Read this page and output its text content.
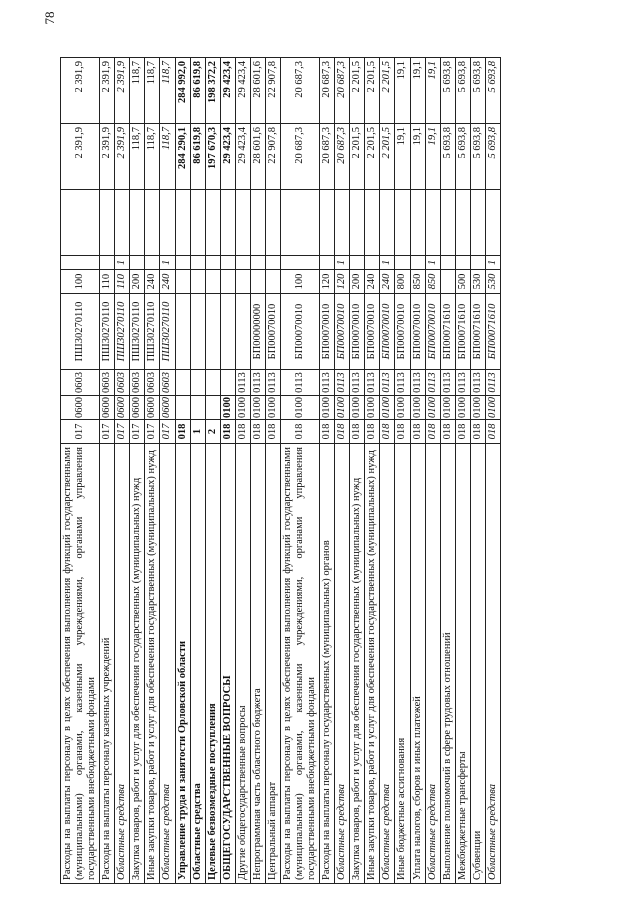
78
Расходы на выплаты персоналу в целях обеспечения выполнения функций государственными (муниципальными) органами, казенными учреждениями, органами управления государственными внебюджетными фондами	017	0600	0603	ПШ30270110	100			2 391,9	2 391,9
Расходы на выплаты персоналу казенных учреждений	017	0600	0603	ПШ30270110	110			2 391,9	2 391,9
Областные средства	017	0600	0603	ПШ30270110	110	1		2 391,9	2 391,9
Закупка товаров, работ и услуг для обеспечения государственных (муниципальных) нужд	017	0600	0603	ПШ30270110	200			118,7	118,7
Иные закупки товаров, работ и услуг для обеспечения государственных (муниципальных) нужд	017	0600	0603	ПШ30270110	240			118,7	118,7
Областные средства	017	0600	0603	ПШ30270110	240	1		118,7	118,7
Управление труда и занятости Орловской области	018							284 290,1	284 992,0
Областные средства	1							86 619,8	86 619,8
Целевые безвозмездные поступления	2							197 670,3	198 372,2
ОБЩЕГОСУДАРСТВЕННЫЕ ВОПРОСЫ	018	0100						29 423,4	29 423,4
Другие общегосударственные вопросы	018	0100	0113					29 423,4	29 423,4
Непрограммная часть областного бюджета	018	0100	0113	БП00000000				28 601,6	28 601,6
Центральный аппарат	018	0100	0113	БП00070010				22 907,8	22 907,8
Расходы на выплаты персоналу в целях обеспечения выполнения функций государственными (муниципальными) органами, казенными учреждениями, органами управления государственными внебюджетными фондами	018	0100	0113	БП00070010	100			20 687,3	20 687,3
Расходы на выплаты персоналу государственных (муниципальных) органов	018	0100	0113	БП00070010	120			20 687,3	20 687,3
Областные средства	018	0100	0113	БП00070010	120	1		20 687,3	20 687,3
Закупка товаров, работ и услуг для обеспечения государственных (муниципальных) нужд	018	0100	0113	БП00070010	200			2 201,5	2 201,5
Иные закупки товаров, работ и услуг для обеспечения государственных (муниципальных) нужд	018	0100	0113	БП00070010	240			2 201,5	2 201,5
Областные средства	018	0100	0113	БП00070010	240	1		2 201,5	2 201,5
Иные бюджетные ассигнования	018	0100	0113	БП00070010	800			19,1	19,1
Уплата налогов, сборов и иных платежей	018	0100	0113	БП00070010	850			19,1	19,1
Областные средства	018	0100	0113	БП00070010	850	1		19,1	19,1
Выполнение полномочий в сфере трудовых отношений	018	0100	0113	БП00071610				5 693,8	5 693,8
Межбюджетные трансферты	018	0100	0113	БП00071610	500			5 693,8	5 693,8
Субвенции	018	0100	0113	БП00071610	530			5 693,8	5 693,8
Областные средства	018	0100	0113	БП00071610	530	1		5 693,8	5 693,8
